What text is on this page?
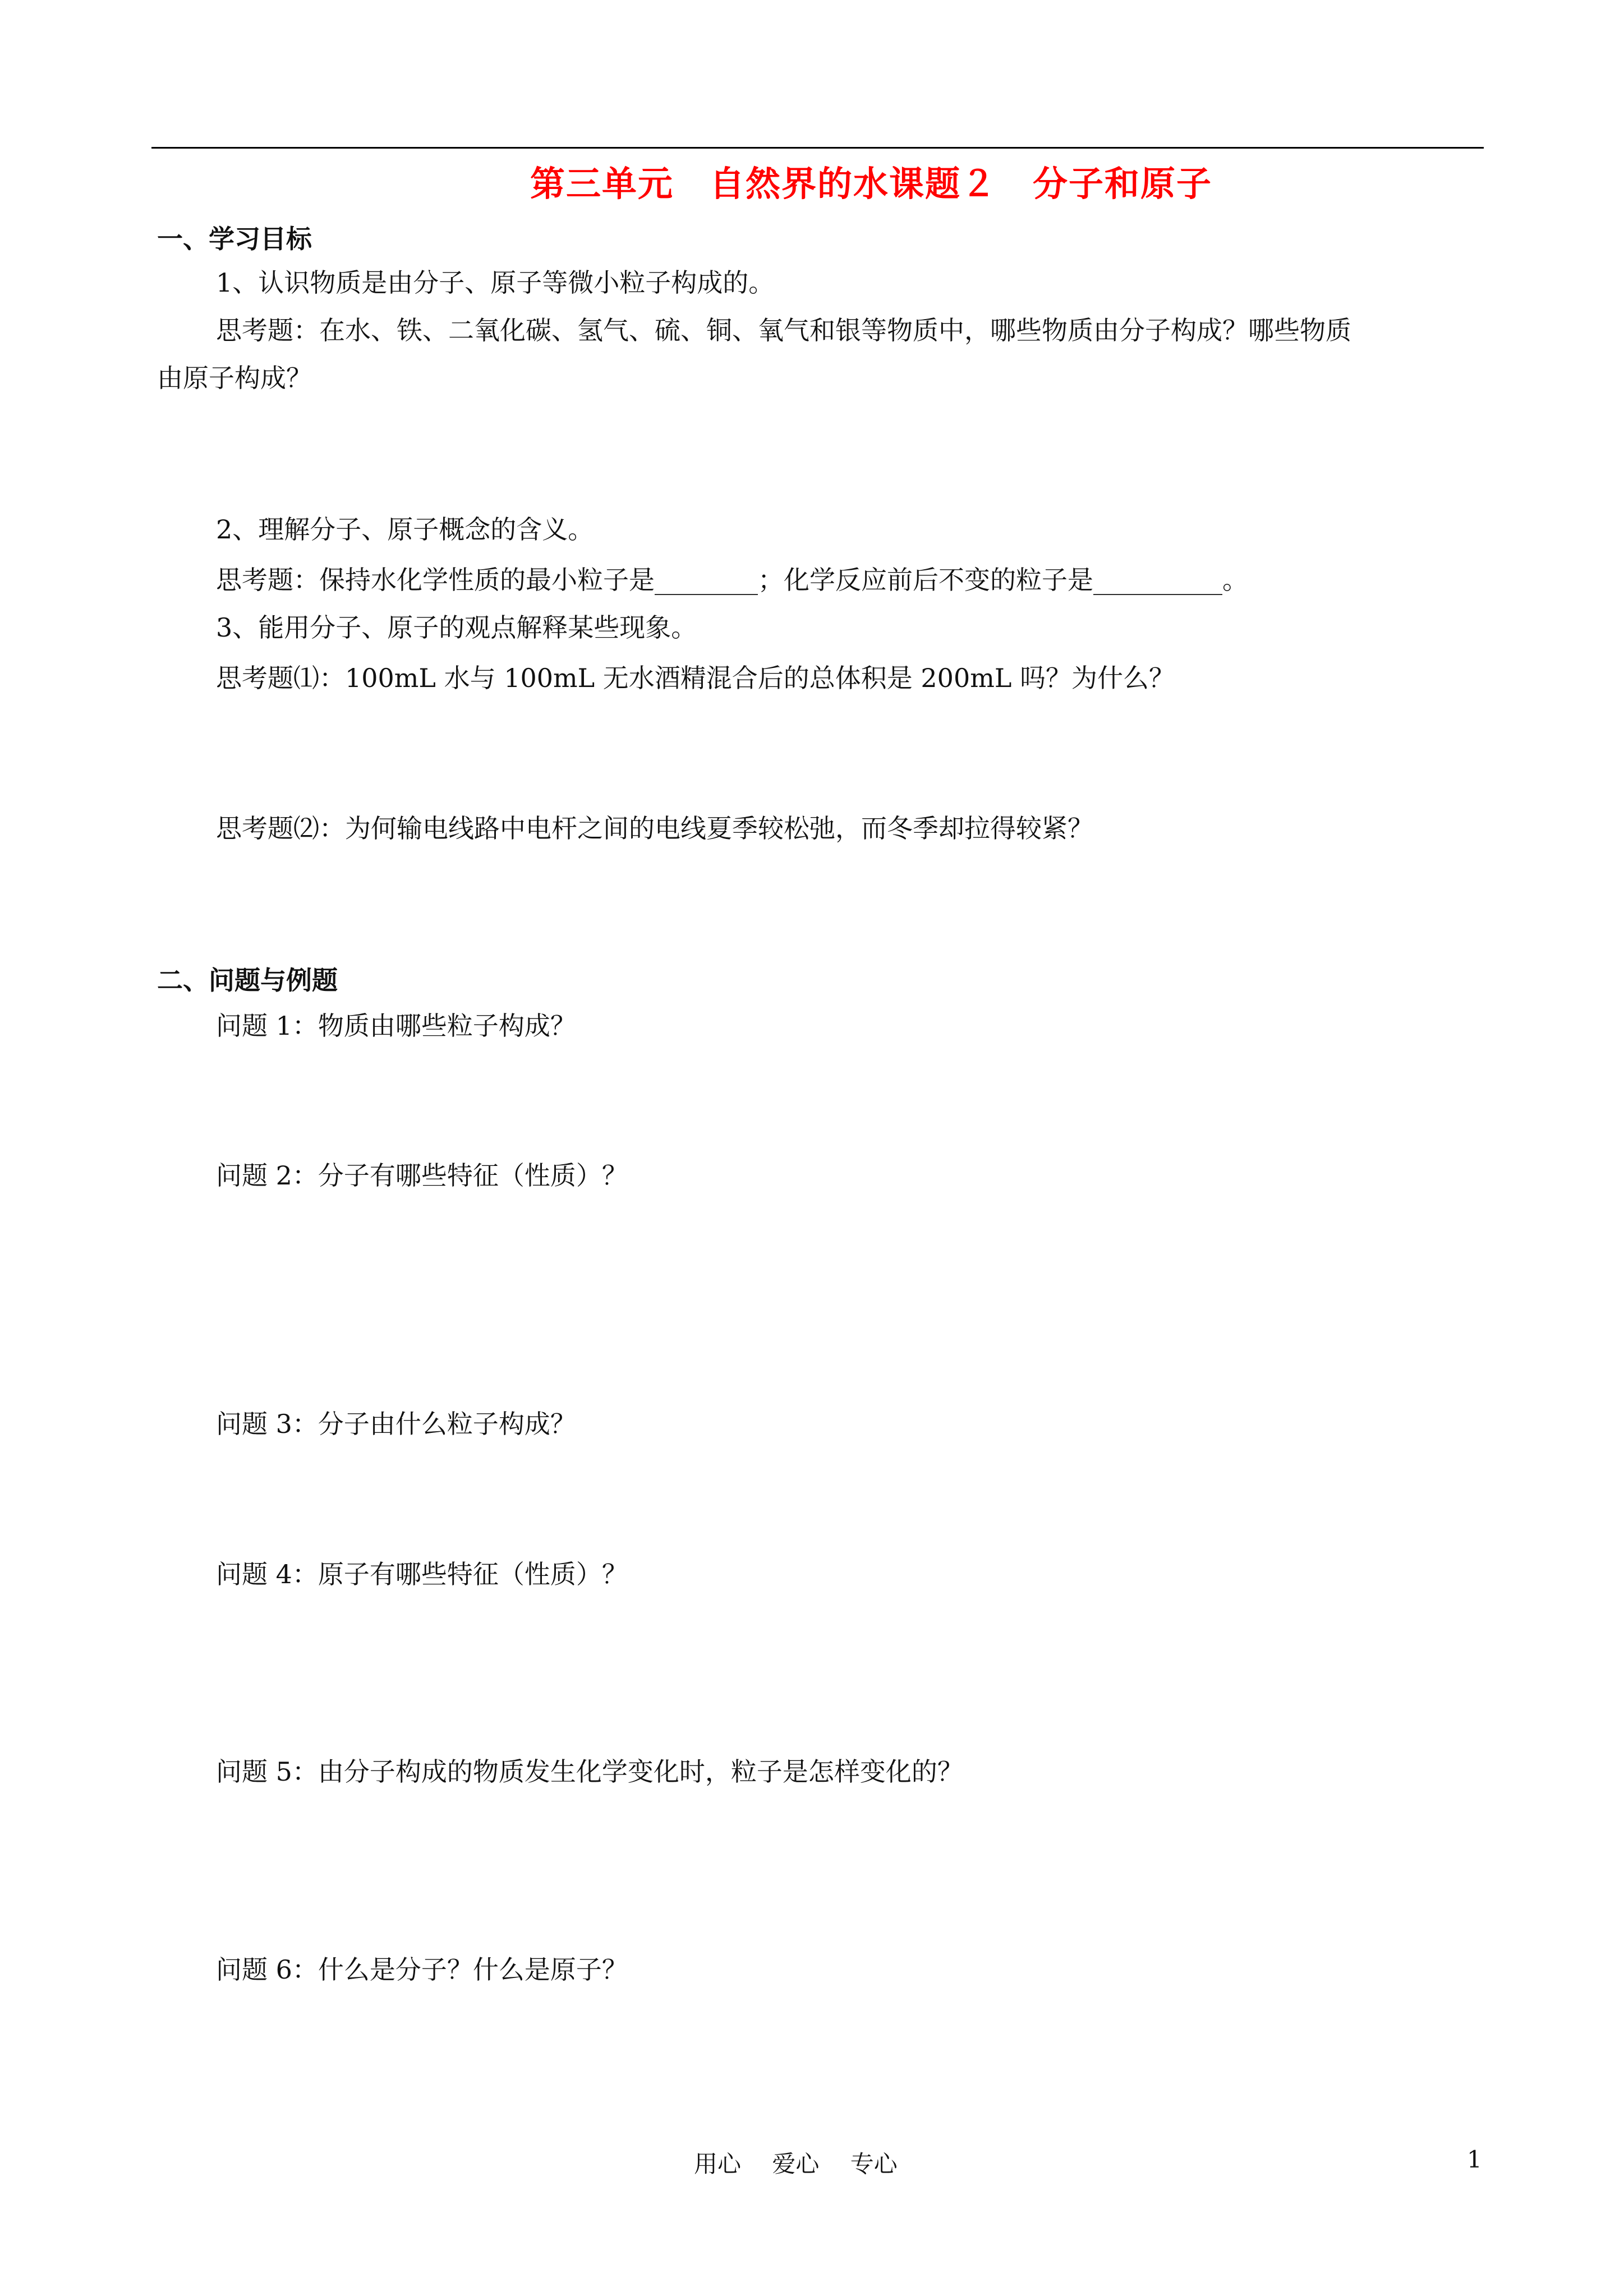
第三单元　自然界的水课题２　分子和原子
一、学习目标
1、认识物质是由分子、原子等微小粒子构成的。
思考题：在水、铁、二氧化碳、氢气、硫、铜、氧气和银等物质中，哪些物质由分子构成？哪些物质
由原子构成？
2、理解分子、原子概念的含义。
思考题：保持水化学性质的最小粒子是________；化学反应前后不变的粒子是__________。
3、能用分子、原子的观点解释某些现象。
思考题⑴：100mL 水与 100mL 无水酒精混合后的总体积是 200mL 吗？为什么？
思考题⑵：为何输电线路中电杆之间的电线夏季较松弛，而冬季却拉得较紧？
二、问题与例题
问题 1：物质由哪些粒子构成？
问题 2：分子有哪些特征（性质）？
问题 3：分子由什么粒子构成？
问题 4：原子有哪些特征（性质）？
问题 5：由分子构成的物质发生化学变化时，粒子是怎样变化的？
问题 6：什么是分子？什么是原子？
用心　 爱心　 专心	1
